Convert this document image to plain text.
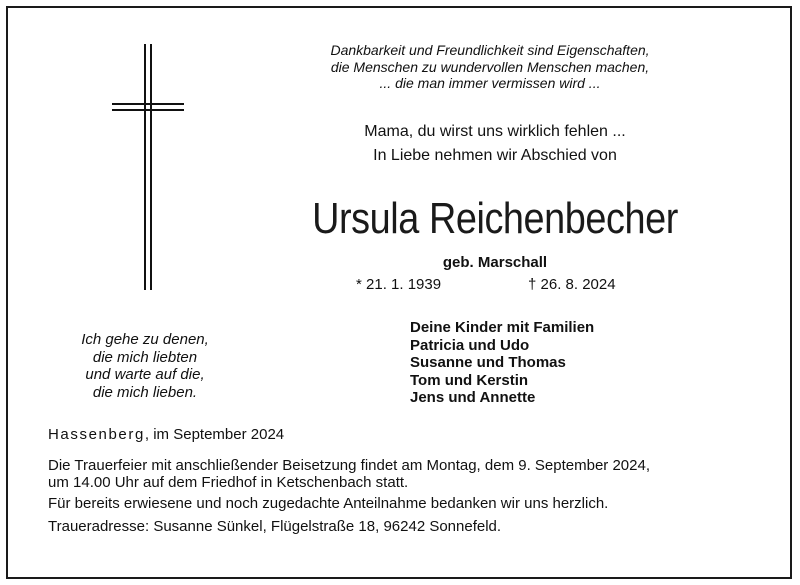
Dankbarkeit und Freundlichkeit sind Eigenschaften,
die Menschen zu wundervollen Menschen machen,
... die man immer vermissen wird ...
Mama, du wirst uns wirklich fehlen ...
In Liebe nehmen wir Abschied von
Ursula Reichenbecher
geb. Marschall
* 21. 1. 1939	† 26. 8. 2024
Ich gehe zu denen,
die mich liebten
und warte auf die,
die mich lieben.
Deine Kinder mit Familien
Patricia und Udo
Susanne und Thomas
Tom und Kerstin
Jens und Annette
Hassenberg, im September 2024

Die Trauerfeier mit anschließender Beisetzung findet am Montag, dem 9. September 2024,
um 14.00 Uhr auf dem Friedhof in Ketschenbach statt.

Für bereits erwiesene und noch zugedachte Anteilnahme bedanken wir uns herzlich.

Traueradresse: Susanne Sünkel, Flügelstraße 18, 96242 Sonnefeld.
